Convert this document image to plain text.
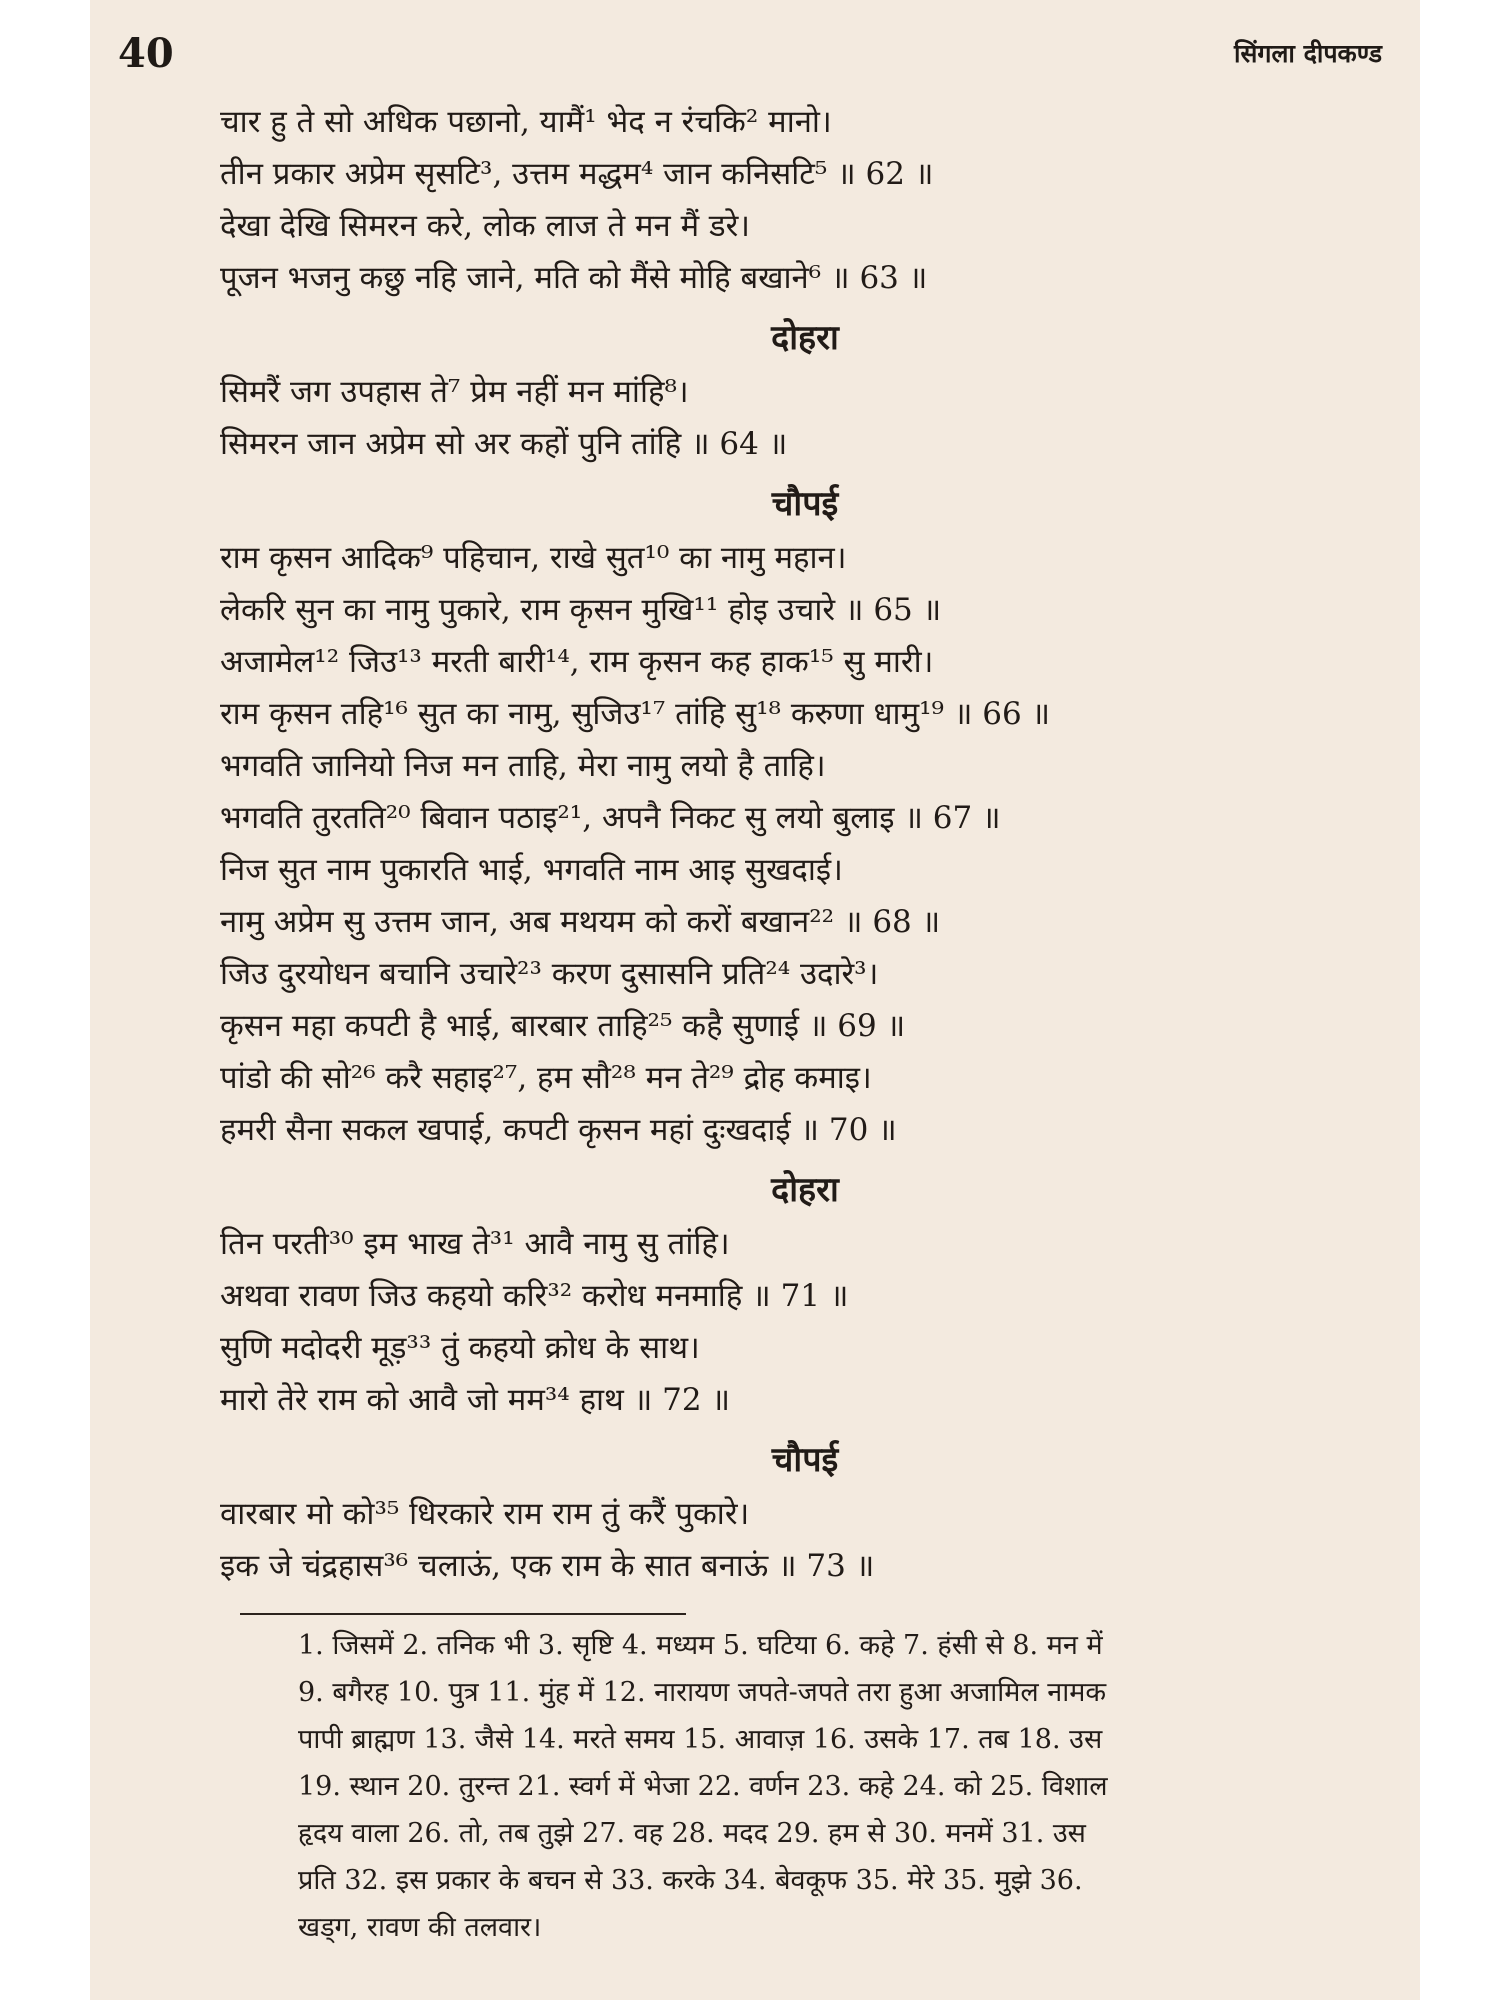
40	सिंगला दीपकण्ड
चार हु ते सो अधिक पछानो, यामैं¹ भेद न रंचकि² मानो।
तीन प्रकार अप्रेम सृसटि³, उत्तम मद्धम⁴ जान कनिसटि⁵ ॥ 62 ॥
देखा देखि सिमरन करे, लोक लाज ते मन मैं डरे।
पूजन भजनु कछु नहि जाने, मति को मैंसे मोहि बखाने⁶ ॥ 63 ॥
दोहरा
सिमरैं जग उपहास ते⁷ प्रेम नहीं मन मांहि⁸।
सिमरन जान अप्रेम सो अर कहों पुनि तांहि ॥ 64 ॥
चौपई
राम कृसन आदिक⁹ पहिचान, राखे सुत¹⁰ का नामु महान।
लेकरि सुन का नामु पुकारे, राम कृसन मुखि¹¹ होइ उचारे ॥ 65 ॥
अजामेल¹² जिउ¹³ मरती बारी¹⁴, राम कृसन कह हाक¹⁵ सु मारी।
राम कृसन तहि¹⁶ सुत का नामु, सुजिउ¹⁷ तांहि सु¹⁸ करुणा धामु¹⁹ ॥ 66 ॥
भगवति जानियो निज मन ताहि, मेरा नामु लयो है ताहि।
भगवति तुरतति²⁰ बिवान पठाइ²¹, अपनै निकट सु लयो बुलाइ ॥ 67 ॥
निज सुत नाम पुकारति भाई, भगवति नाम आइ सुखदाई।
नामु अप्रेम सु उत्तम जान, अब मथयम को करों बखान²² ॥ 68 ॥
जिउ दुरयोधन बचानि उचारे²³ करण दुसासनि प्रति²⁴ उदारे³।
कृसन महा कपटी है भाई, बारबार ताहि²⁵ कहै सुणाई ॥ 69 ॥
पांडो की सो²⁶ करै सहाइ²⁷, हम सौ²⁸ मन ते²⁹ द्रोह कमाइ।
हमरी सैना सकल खपाई, कपटी कृसन महां दुःखदाई ॥ 70 ॥
दोहरा
तिन परती³⁰ इम भाख ते³¹ आवै नामु सु तांहि।
अथवा रावण जिउ कहयो करि³² करोध मनमाहि ॥ 71 ॥
सुणि मदोदरी मूड़³³ तुं कहयो क्रोध के साथ।
मारो तेरे राम को आवै जो मम³⁴ हाथ ॥ 72 ॥
चौपई
वारबार मो को³⁵ धिरकारे राम राम तुं करैं पुकारे।
इक जे चंद्रहास³⁶ चलाऊं, एक राम के सात बनाऊं ॥ 73 ॥
1. जिसमें 2. तनिक भी 3. सृष्टि 4. मध्यम 5. घटिया 6. कहे 7. हंसी से 8. मन में
9. बगैरह 10. पुत्र 11. मुंह में 12. नारायण जपते-जपते तरा हुआ अजामिल नामक
पापी ब्राह्मण 13. जैसे 14. मरते समय 15. आवाज़ 16. उसके 17. तब 18. उस
19. स्थान 20. तुरन्त 21. स्वर्ग में भेजा 22. वर्णन 23. कहे 24. को 25. विशाल
हृदय वाला 26. तो, तब तुझे 27. वह 28. मदद 29. हम से 30. मनमें 31. उस
प्रति 32. इस प्रकार के बचन से 33. करके 34. बेवकूफ 35. मेरे 35. मुझे 36.
खड्ग, रावण की तलवार।
